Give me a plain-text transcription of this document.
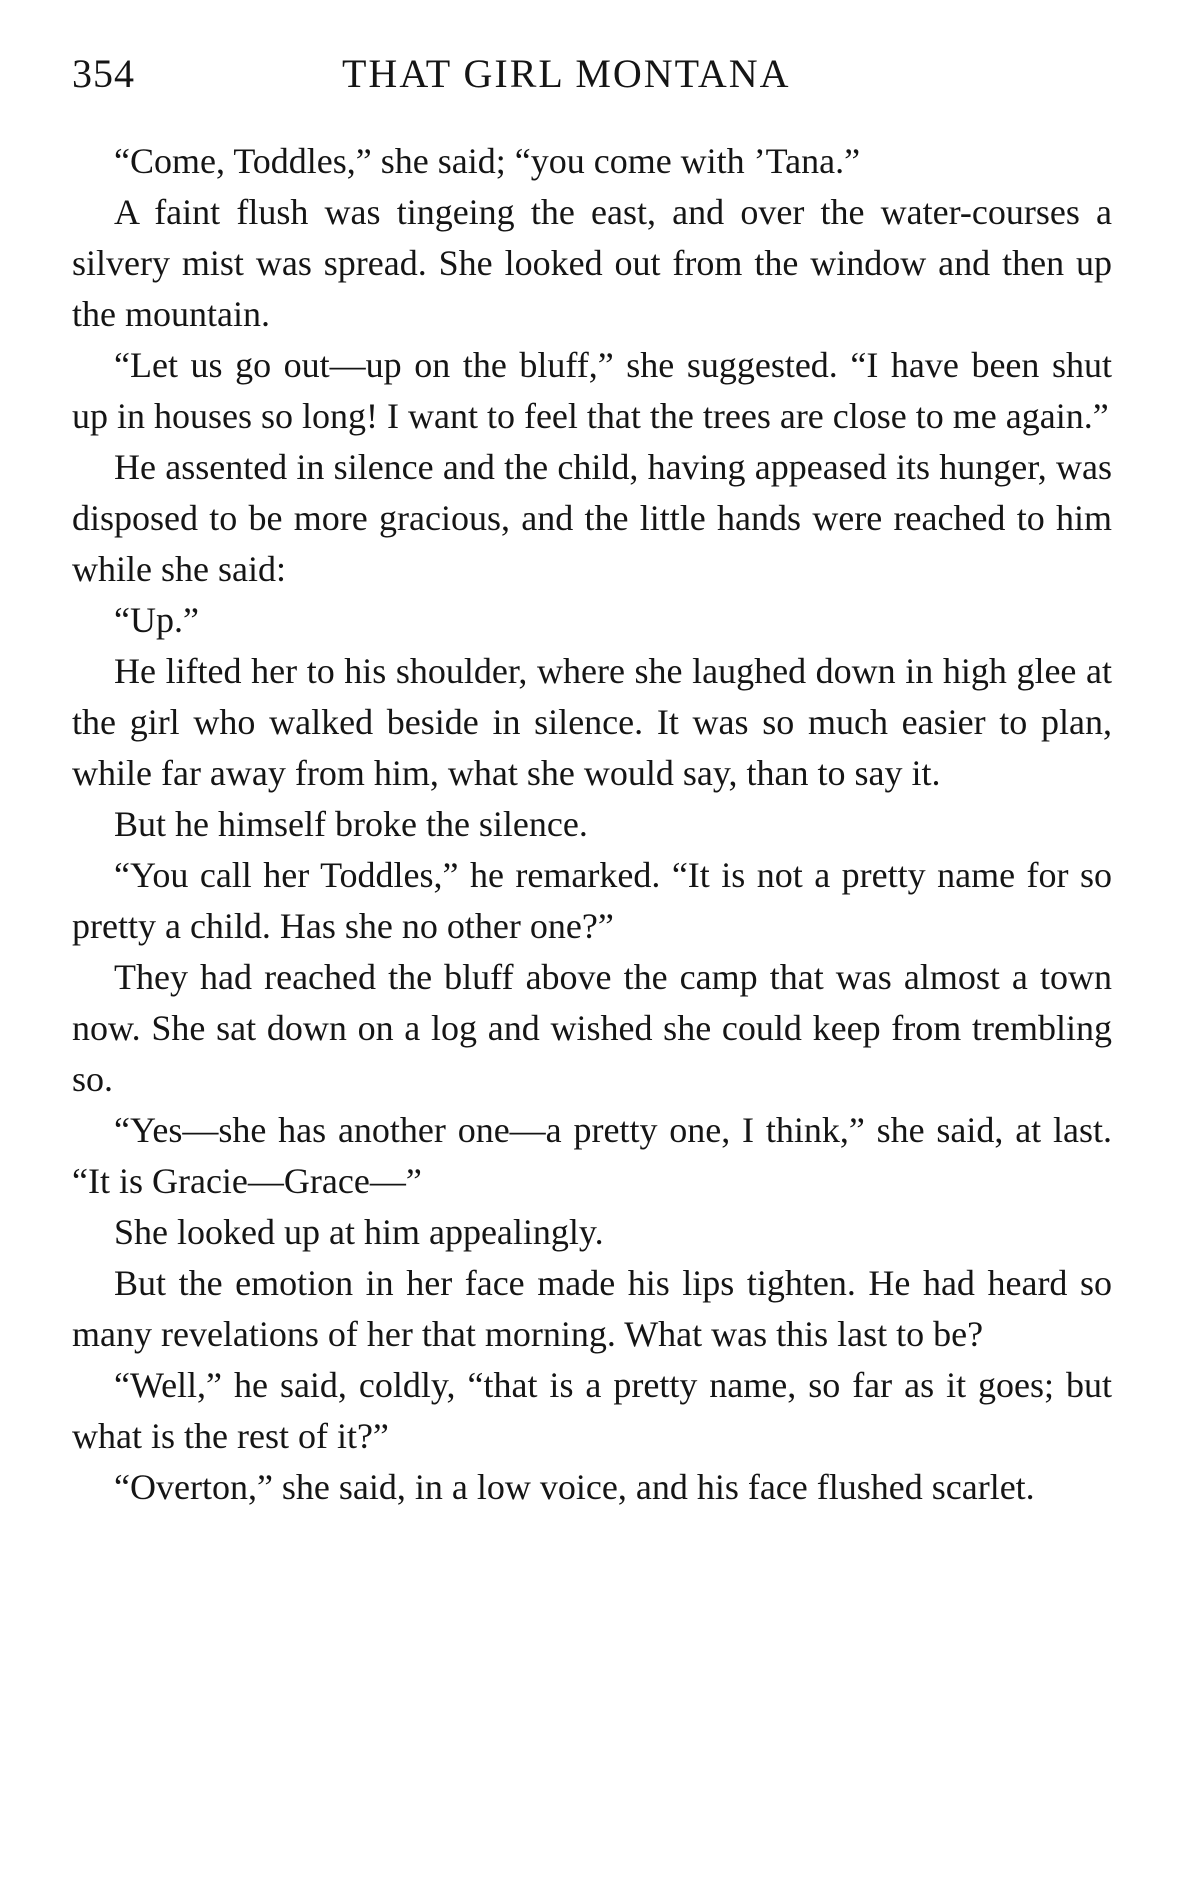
354	THAT GIRL MONTANA

“Come, Toddles,” she said; “you come with ’Tana.”

A faint flush was tingeing the east, and over the water-courses a silvery mist was spread. She looked out from the window and then up the mountain.

“Let us go out—up on the bluff,” she suggested. “I have been shut up in houses so long! I want to feel that the trees are close to me again.”

He assented in silence and the child, having appeased its hunger, was disposed to be more gracious, and the little hands were reached to him while she said:

“Up.”

He lifted her to his shoulder, where she laughed down in high glee at the girl who walked beside in silence. It was so much easier to plan, while far away from him, what she would say, than to say it.

But he himself broke the silence.

“You call her Toddles,” he remarked. “It is not a pretty name for so pretty a child. Has she no other one?”

They had reached the bluff above the camp that was almost a town now. She sat down on a log and wished she could keep from trembling so.

“Yes—she has another one—a pretty one, I think,” she said, at last. “It is Gracie—Grace—”

She looked up at him appealingly.

But the emotion in her face made his lips tighten. He had heard so many revelations of her that morning. What was this last to be?

“Well,” he said, coldly, “that is a pretty name, so far as it goes; but what is the rest of it?”

“Overton,” she said, in a low voice, and his face flushed scarlet.
